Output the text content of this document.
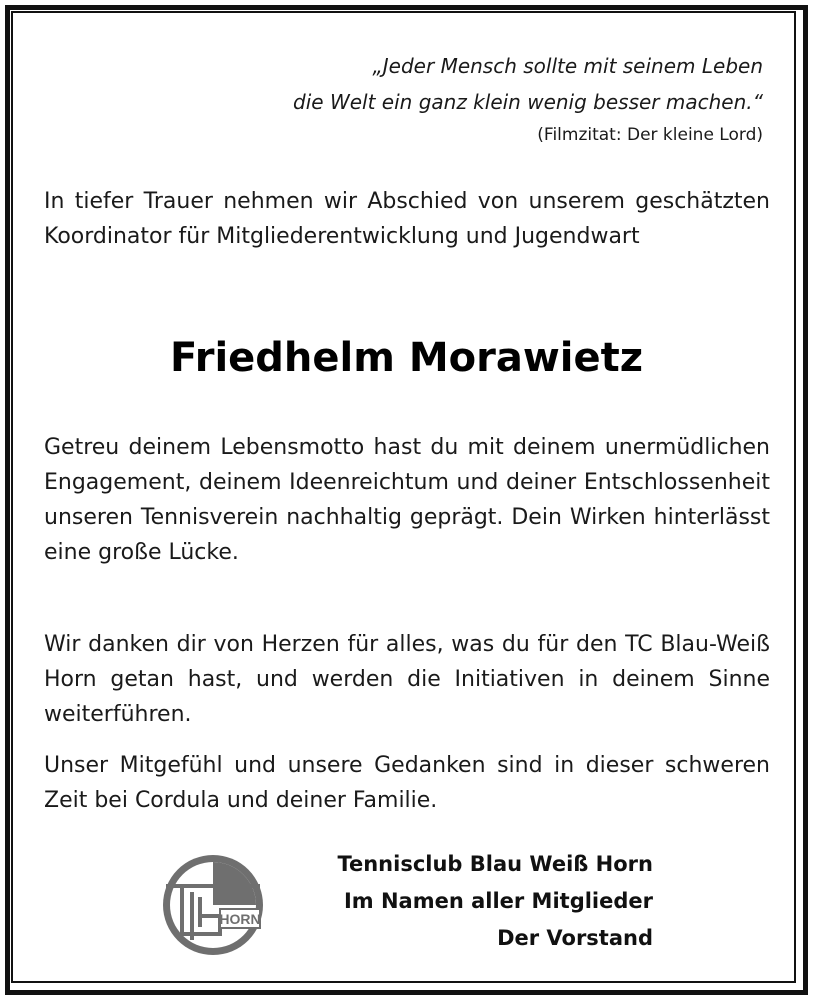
„Jeder Mensch sollte mit seinem Leben
die Welt ein ganz klein wenig besser machen.“
(Filmzitat: Der kleine Lord)

In tiefer Trauer nehmen wir Abschied von unserem geschätzten Koordinator für Mitgliederentwicklung und Jugendwart

Friedhelm Morawietz

Getreu deinem Lebensmotto hast du mit deinem unermüdlichen Engagement, deinem Ideenreichtum und deiner Entschlossenheit unseren Tennisverein nachhaltig geprägt. Dein Wirken hinterlässt eine große Lücke.

Wir danken dir von Herzen für alles, was du für den TC Blau-Weiß Horn getan hast, und werden die Initiativen in deinem Sinne weiterführen.

Unser Mitgefühl und unsere Gedanken sind in dieser schweren Zeit bei Cordula und deiner Familie.

HORN
Tennisclub Blau Weiß Horn
Im Namen aller Mitglieder
Der Vorstand
